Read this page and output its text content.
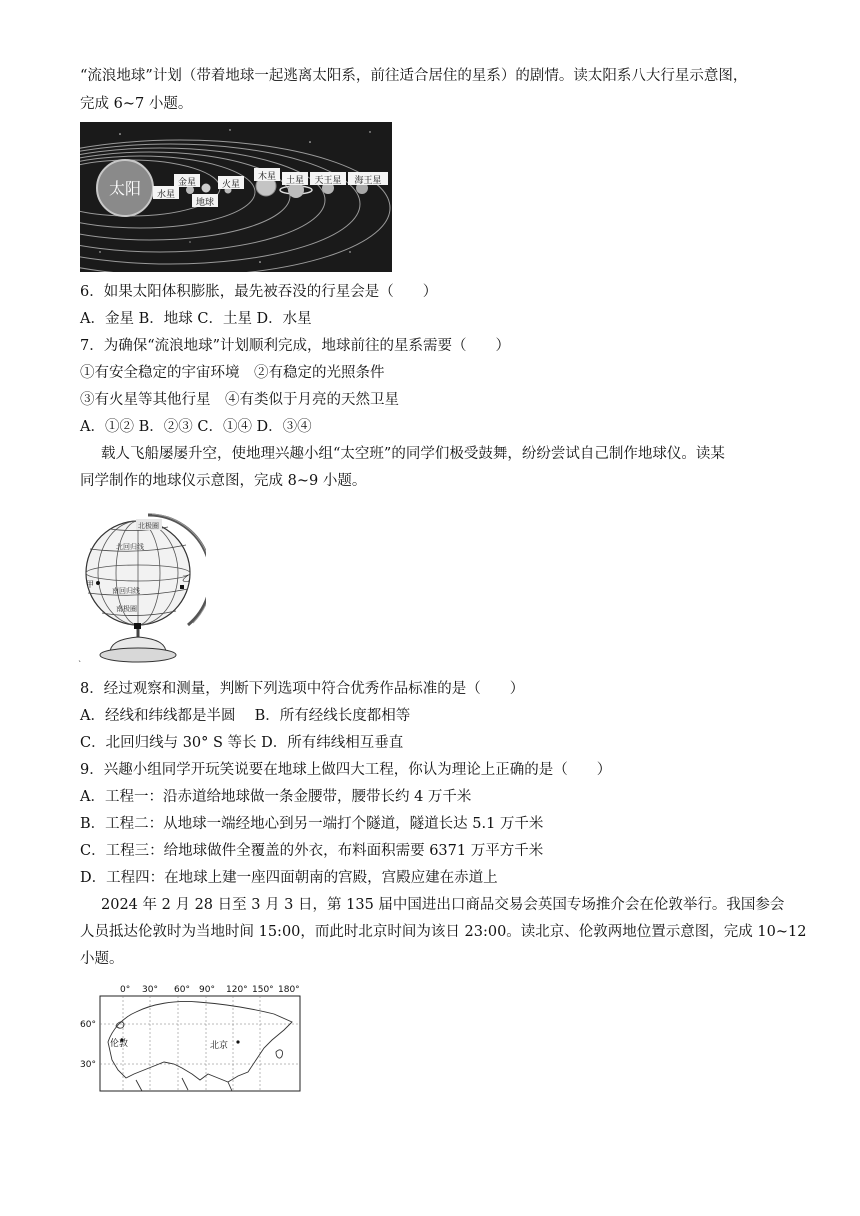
“流浪地球”计划（带着地球一起逃离太阳系，前往适合居住的星系）的剧情。读太阳系八大行星示意图，
完成 6~7 小题。
太阳 水星
金星
地球
火星
木星 土星 天王星 海王星
6．如果太阳体积膨胀，最先被吞没的行星会是（　　）
A．金星 B．地球 C．土星 D．水星
7．为确保“流浪地球”计划顺利完成，地球前往的星系需要（　　）
①有安全稳定的宇宙环境　②有稳定的光照条件
③有火星等其他行星　④有类似于月亮的天然卫星
A．①② B．②③ C．①④ D．③④
载人飞船屡屡升空，使地理兴趣小组“太空班”的同学们极受鼓舞，纷纷尝试自己制作地球仪。读某
同学制作的地球仪示意图，完成 8~9 小题。
北极圈
北回归线
南回归线
南极圈
甲
乙
`
8．经过观察和测量，判断下列选项中符合优秀作品标准的是（　　）
A．经线和纬线都是半圆　 B．所有经线长度都相等
C．北回归线与 30° S 等长 D．所有纬线相互垂直
9．兴趣小组同学开玩笑说要在地球上做四大工程，你认为理论上正确的是（　　）
A．工程一：沿赤道给地球做一条金腰带，腰带长约 4 万千米
B．工程二：从地球一端经地心到另一端打个隧道，隧道长达 5.1 万千米
C．工程三：给地球做件全覆盖的外衣，布料面积需要 6371 万平方千米
D．工程四：在地球上建一座四面朝南的宫殿，宫殿应建在赤道上
2024 年 2 月 28 日至 3 月 3 日，第 135 届中国进出口商品交易会英国专场推介会在伦敦举行。我国参会
人员抵达伦敦时为当地时间 15:00，而此时北京时间为该日 23:00。读北京、伦敦两地位置示意图，完成 10~12
小题。
0° 30° 60° 90° 120° 150° 180°
60°
30°
伦敦	北京
